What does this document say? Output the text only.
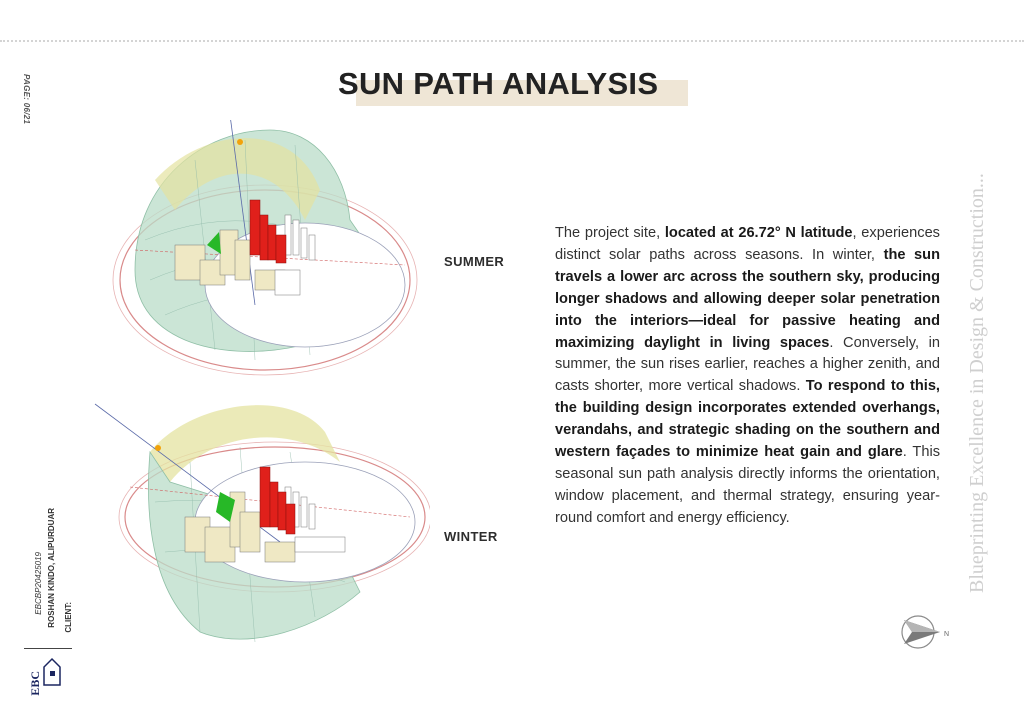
PAGE: 06/21	SUN PATH ANALYSIS
SUMMER
WINTER
The project site, located at 26.72° N latitude, experiences distinct solar paths across seasons. In winter, the sun travels a lower arc across the southern sky, producing longer shadows and allowing deeper solar penetration into the interiors—ideal for passive heating and maximizing daylight in living spaces. Conversely, in summer, the sun rises earlier, reaches a higher zenith, and casts shorter, more vertical shadows. To respond to this, the building design incorporates extended overhangs, verandahs, and strategic shading on the southern and western façades to minimize heat gain and glare. This seasonal sun path analysis directly informs the orientation, window placement, and thermal strategy, ensuring year-round comfort and energy efficiency.	Blueprinting Excellence in Design & Construction...
N
CLIENT:
ROSHAN KINDO, ALIPURDUAR
EBCBP20425019
EBC
